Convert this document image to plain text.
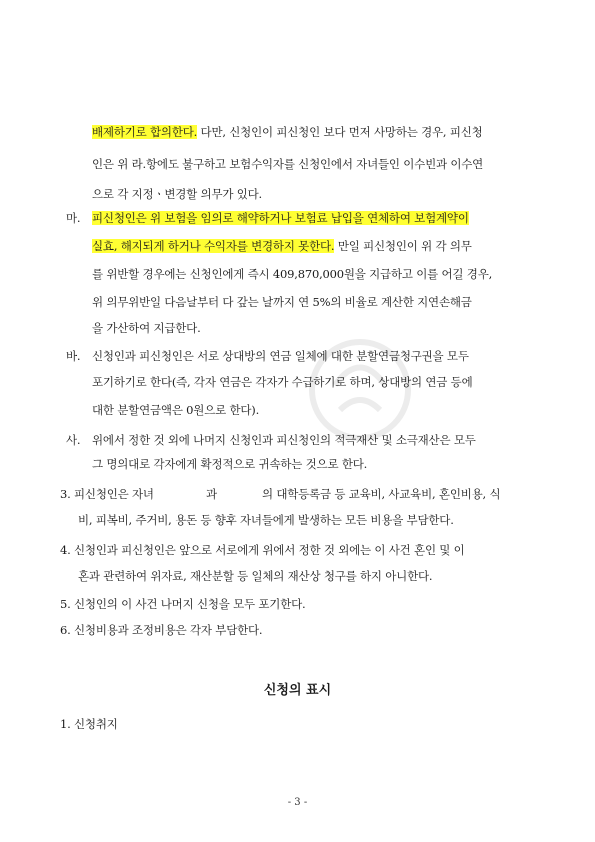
배제하기로 합의한다. 다만, 신청인이 피신청인 보다 먼저 사망하는 경우, 피신청
인은 위 라.항에도 불구하고 보험수익자를 신청인에서 자녀들인 이수빈과 이수연
으로 각 지정ㆍ변경할 의무가 있다.
마. 피신청인은 위 보험을 임의로 해약하거나 보험료 납입을 연체하여 보험계약이
실효, 해지되게 하거나 수익자를 변경하지 못한다. 만일 피신청인이 위 각 의무
를 위반할 경우에는 신청인에게 즉시 409,870,000원을 지급하고 이를 어길 경우,
위 의무위반일 다음날부터 다 갚는 날까지 연 5%의 비율로 계산한 지연손해금
을 가산하여 지급한다.
바. 신청인과 피신청인은 서로 상대방의 연금 일체에 대한 분할연금청구권을 모두
포기하기로 한다(즉, 각자 연금은 각자가 수급하기로 하며, 상대방의 연금 등에
대한 분할연금액은 0원으로 한다).
사. 위에서 정한 것 외에 나머지 신청인과 피신청인의 적극재산 및 소극재산은 모두
그 명의대로 각자에게 확정적으로 귀속하는 것으로 한다.
3. 피신청인은 자녀	과	의 대학등록금 등 교육비, 사교육비, 혼인비용, 식
비, 피복비, 주거비, 용돈 등 향후 자녀들에게 발생하는 모든 비용을 부담한다.
4. 신청인과 피신청인은 앞으로 서로에게 위에서 정한 것 외에는 이 사건 혼인 및 이
혼과 관련하여 위자료, 재산분할 등 일체의 재산상 청구를 하지 아니한다.
5. 신청인의 이 사건 나머지 신청을 모두 포기한다.
6. 신청비용과 조정비용은 각자 부담한다.
신청의 표시
1. 신청취지
- 3 -
